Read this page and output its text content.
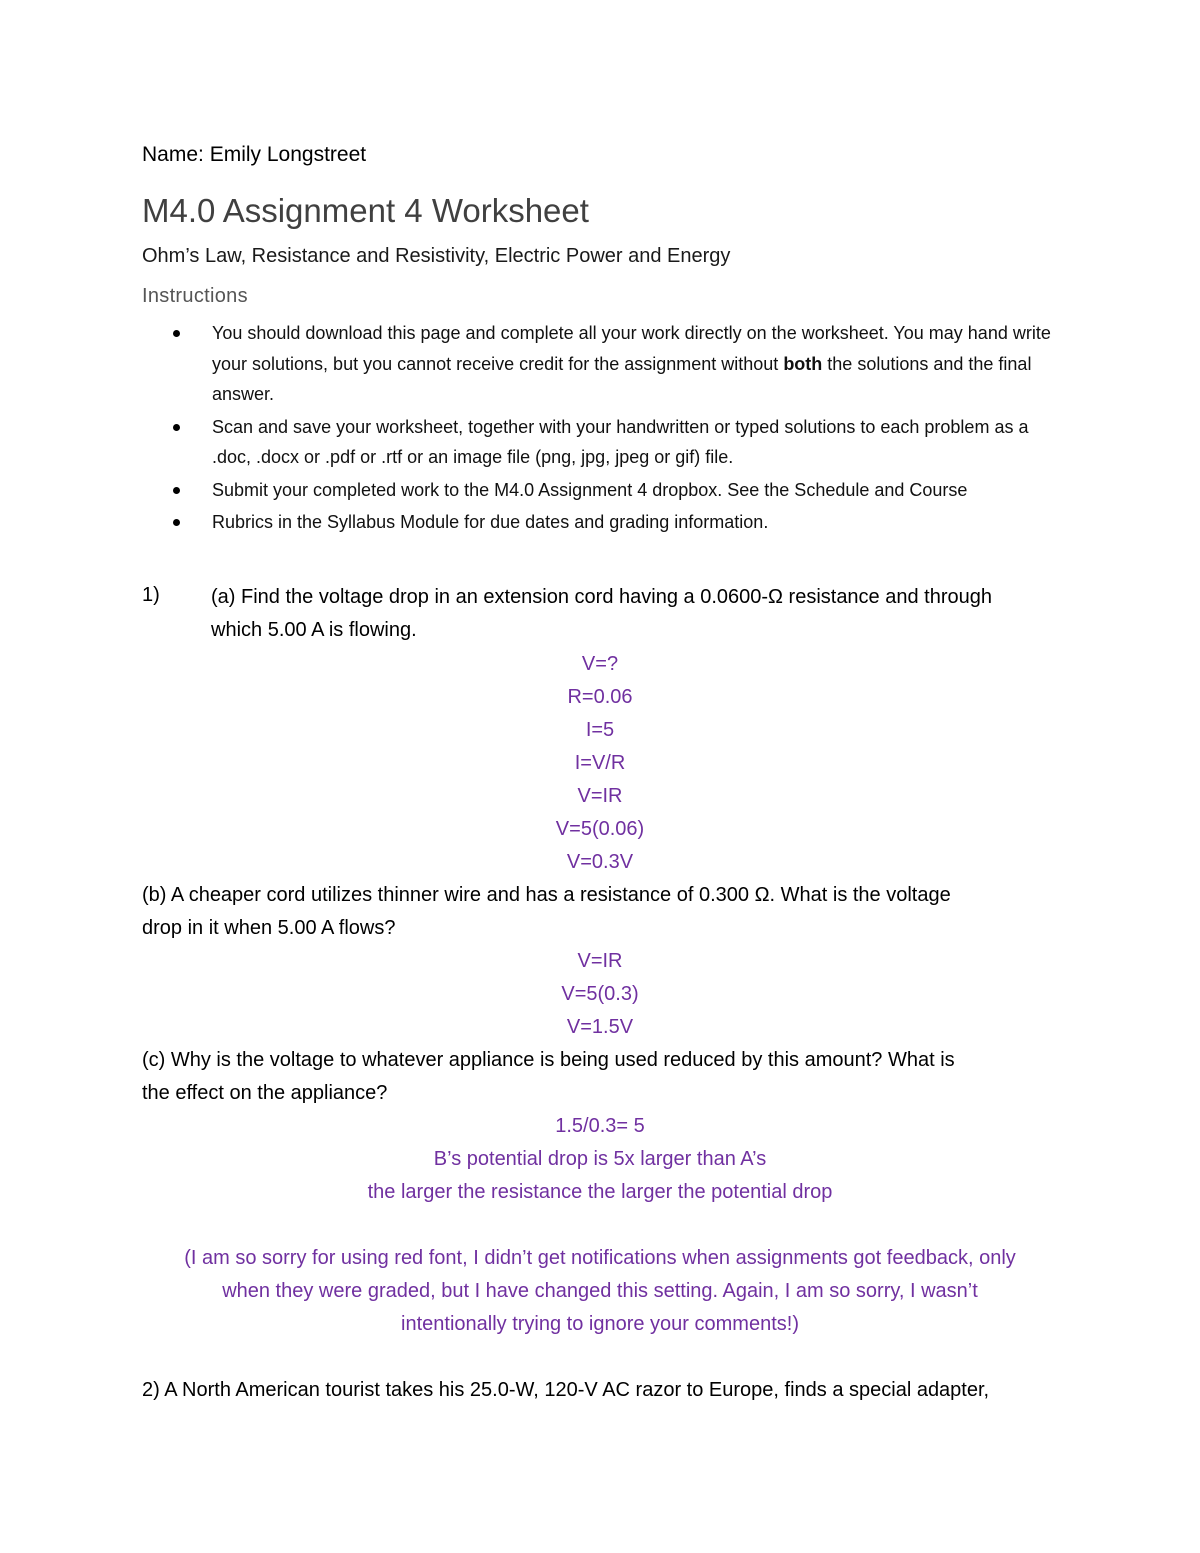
Name: Emily Longstreet
M4.0 Assignment 4 Worksheet
Ohm’s Law, Resistance and Resistivity, Electric Power and Energy
Instructions
You should download this page and complete all your work directly on the worksheet. You may hand write your solutions, but you cannot receive credit for the assignment without both the solutions and the final answer.
Scan and save your worksheet, together with your handwritten or typed solutions to each problem as a .doc, .docx or .pdf or .rtf or an image file (png, jpg, jpeg or gif) file.
Submit your completed work to the M4.0 Assignment 4 dropbox. See the Schedule and Course
Rubrics in the Syllabus Module for due dates and grading information.
1)	(a) Find the voltage drop in an extension cord having a 0.0600-Ω resistance and through
which 5.00 A is flowing.
V=?
R=0.06
I=5
I=V/R
V=IR
V=5(0.06)
V=0.3V
(b) A cheaper cord utilizes thinner wire and has a resistance of 0.300 Ω. What is the voltage
drop in it when 5.00 A flows?
V=IR
V=5(0.3)
V=1.5V
(c) Why is the voltage to whatever appliance is being used reduced by this amount? What is
the effect on the appliance?
1.5/0.3= 5
B’s potential drop is 5x larger than A’s
the larger the resistance the larger the potential drop
(I am so sorry for using red font, I didn’t get notifications when assignments got feedback, only
when they were graded, but I have changed this setting. Again, I am so sorry, I wasn’t
intentionally trying to ignore your comments!)
2) A North American tourist takes his 25.0-W, 120-V AC razor to Europe, finds a special adapter,
